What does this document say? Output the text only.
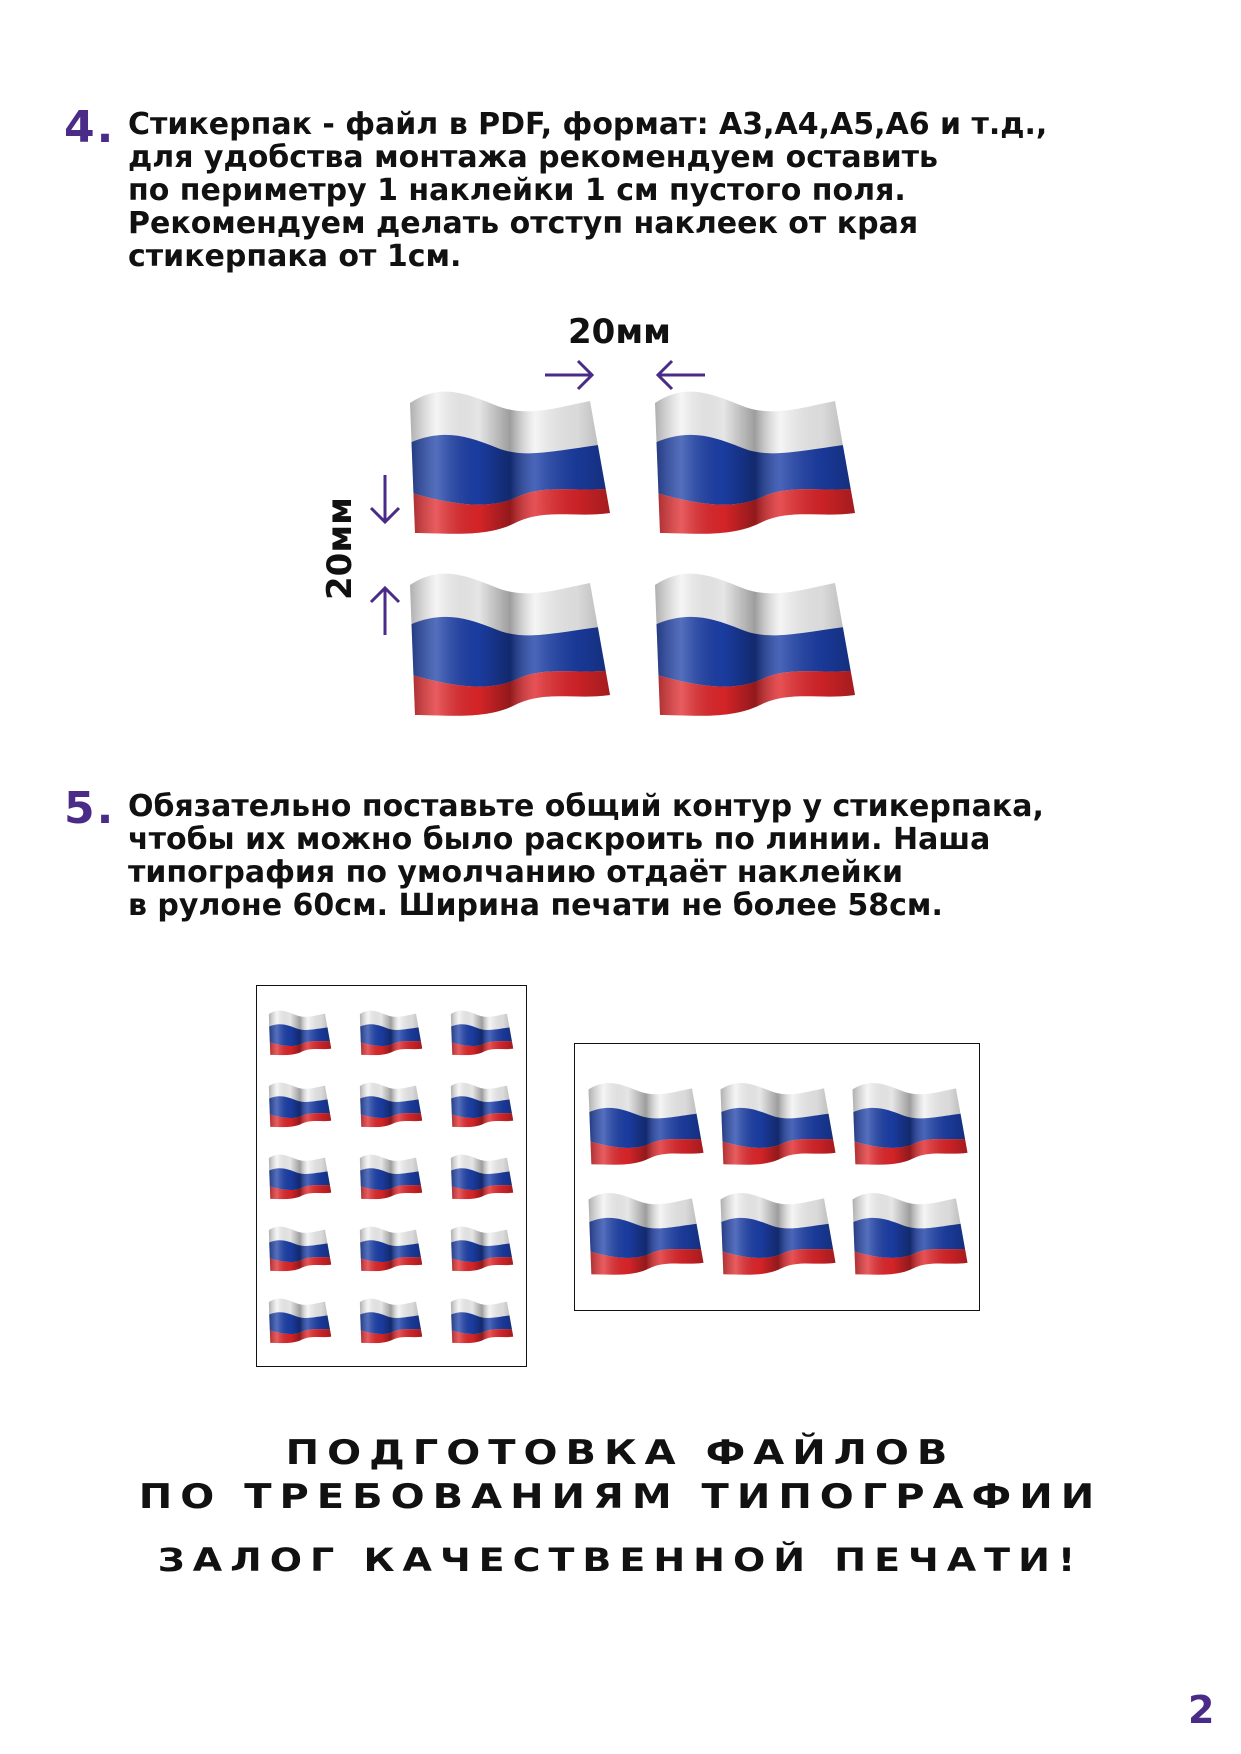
4. Стикерпак - файл в PDF, формат: А3,А4,А5,А6 и т.д.,
для удобства монтажа рекомендуем оставить
по периметру 1 наклейки 1 см пустого поля.
Рекомендуем делать отступ наклеек от края
стикерпака от 1см.
20мм
20мм
5. Обязательно поставьте общий контур у стикерпака,
чтобы их можно было раскроить по линии. Наша
типография по умолчанию отдаёт наклейки
в рулоне 60см. Ширина печати не более 58см.
ПОДГОТОВКА ФАЙЛОВ
ПО ТРЕБОВАНИЯМ ТИПОГРАФИИ
ЗАЛОГ КАЧЕСТВЕННОЙ ПЕЧАТИ!
2
